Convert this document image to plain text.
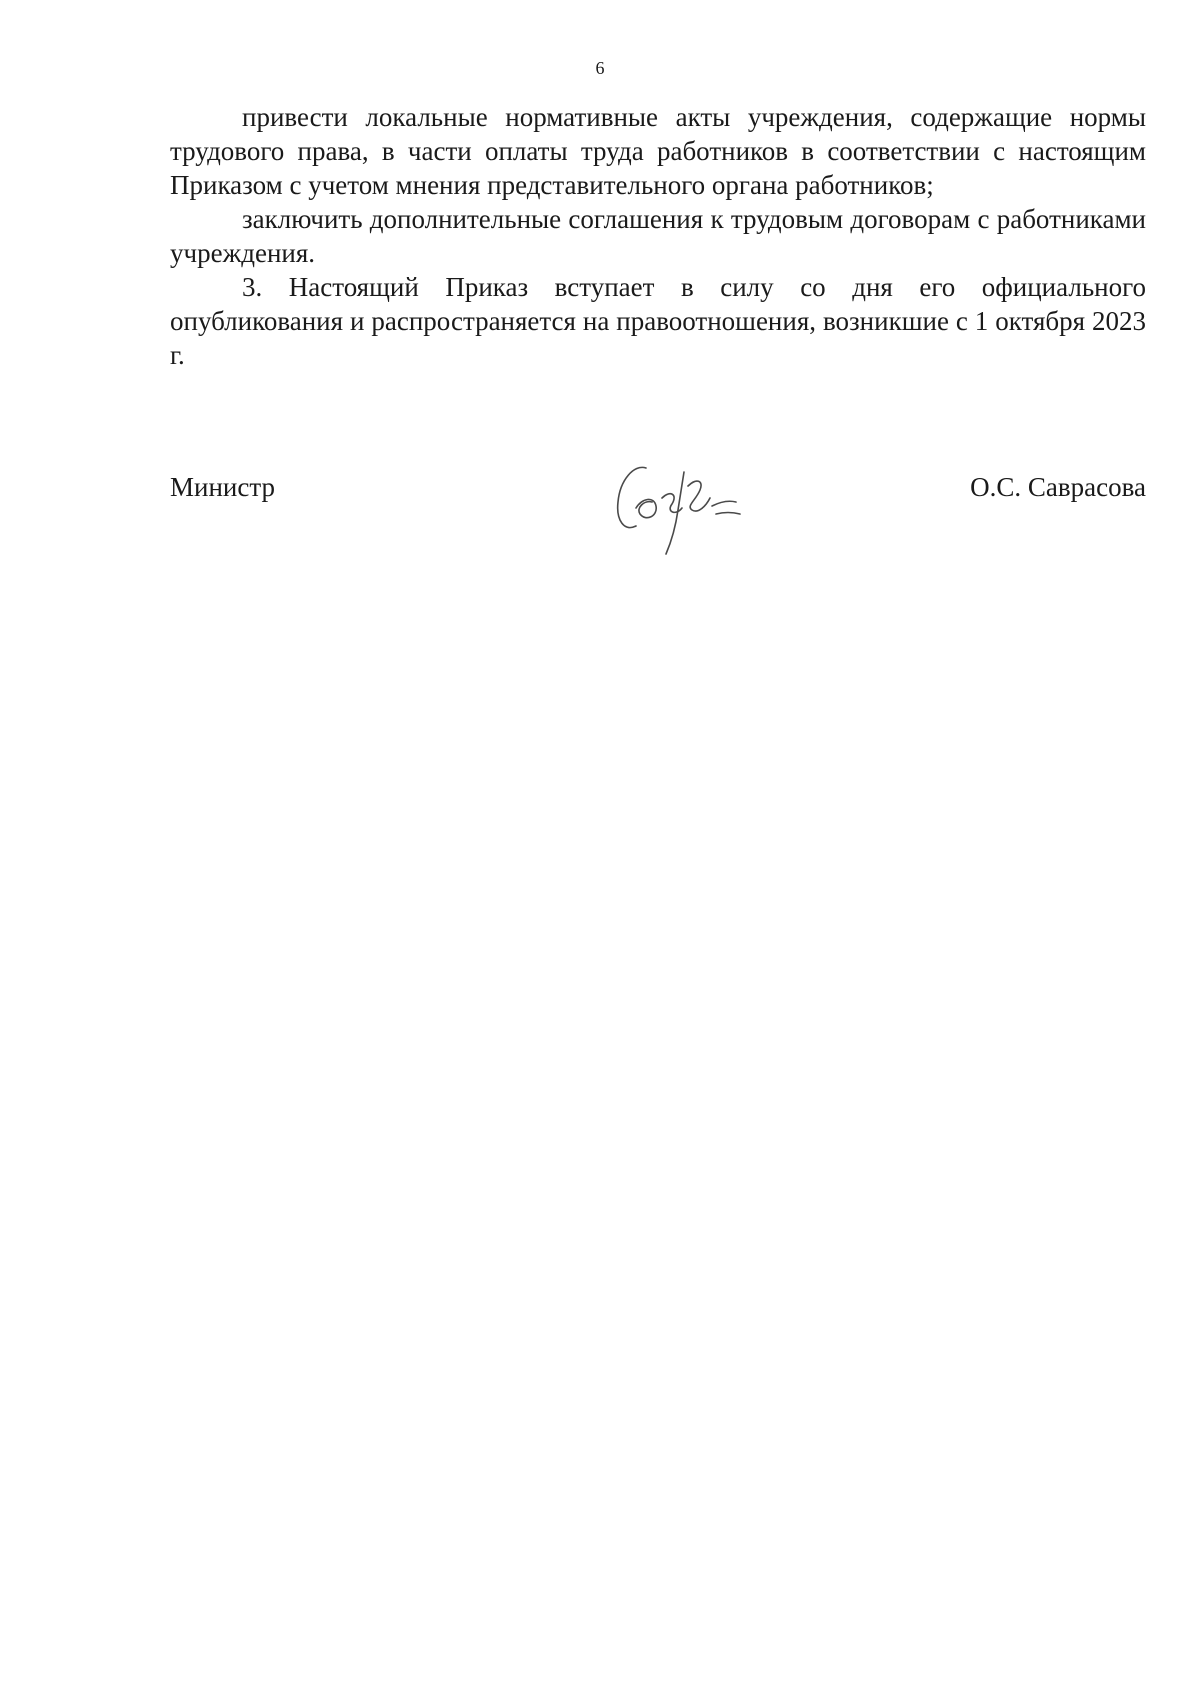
6

привести локальные нормативные акты учреждения, содержащие нормы трудового права, в части оплаты труда работников в соответствии с настоящим Приказом с учетом мнения представительного органа работников;

заключить дополнительные соглашения к трудовым договорам с работниками учреждения.

3. Настоящий Приказ вступает в силу со дня его официального опубликования и распространяется на правоотношения, возникшие с 1 октября 2023 г.

Министр	О.С. Саврасова
